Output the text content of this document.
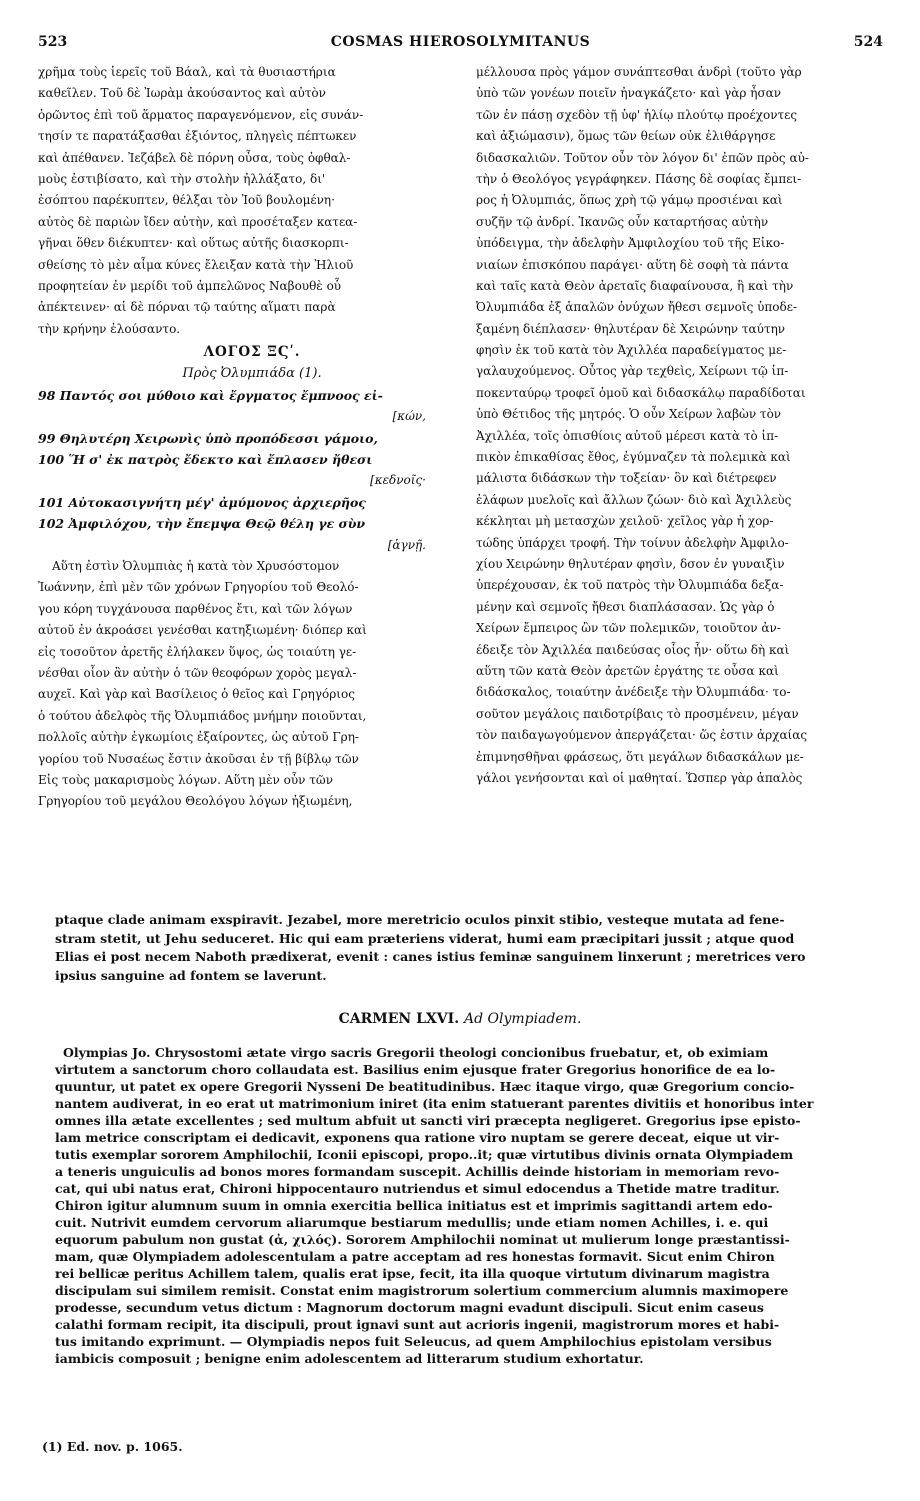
523	COSMAS HIEROSOLYMITANUS	524
χρῆμα τοὺς ἱερεῖς τοῦ Βάαλ, καὶ τὰ θυσιαστήρια
καθεῖλεν. Τοῦ δὲ Ἰωρὰμ ἀκούσαντος καὶ αὐτὸν
ὁρῶντος ἐπὶ τοῦ ἅρματος παραγενόμενον, εἰς συνάν-
τησίν τε παρατάξασθαι ἐξιόντος, πληγεὶς πέπτωκεν
καὶ ἀπέθανεν. Ἰεζάβελ δὲ πόρνη οὖσα, τοὺς ὀφθαλ-
μοὺς ἐστιβίσατο, καὶ τὴν στολὴν ἠλλάξατο, δι'
ἐσόπτου παρέκυπτεν, θέλξαι τὸν Ἰοῦ βουλομένη·
αὐτὸς δὲ παριὼν ἴδεν αὐτὴν, καὶ προσέταξεν κατεα-
γῆναι ὅθεν διέκυπτεν· καὶ οὕτως αὐτῆς διασκορπι-
σθείσης τὸ μὲν αἷμα κύνες ἔλειξαν κατὰ τὴν Ἠλιοῦ
προφητείαν ἐν μερίδι τοῦ ἀμπελῶνος Ναβουθὲ οὗ
ἀπέκτεινεν· αἱ δὲ πόρναι τῷ ταύτης αἵματι παρὰ
τὴν κρήνην ἐλούσαντο.
ΛΟΓΟΣ ΞϚʹ.
Πρὸς Ὀλυμπιάδα (1).
98 Παντός σοι μύθοιο καὶ ἔργματος ἔμπνοος εἰ-
[κών,
99 Θηλυτέρη Χειρωνὶς ὑπὸ προπόδεσσι γάμοιο,
100 Ἥ σ' ἐκ πατρὸς ἔδεκτο καὶ ἔπλασεν ἤθεσι
[κεδνοῖς·
101 Αὐτοκασιγνήτη μέγ' ἀμύμονος ἀρχιερῆος
102 Ἀμφιλόχου, τὴν ἔπεμψα Θεῷ θέλη γε σὺν
[ἁγνῇ.
Αὕτη ἐστὶν Ὀλυμπιὰς ἡ κατὰ τὸν Χρυσόστομον
Ἰωάννην, ἐπὶ μὲν τῶν χρόνων Γρηγορίου τοῦ Θεολό-
γου κόρη τυγχάνουσα παρθένος ἔτι, καὶ τῶν λόγων
αὐτοῦ ἐν ἀκροάσει γενέσθαι κατηξιωμένη· διόπερ καὶ
εἰς τοσοῦτον ἀρετῆς ἐλήλακεν ὕψος, ὡς τοιαύτη γε-
νέσθαι οἷον ἂν αὐτὴν ὁ τῶν θεοφόρων χορὸς μεγαλ-
αυχεῖ. Καὶ γὰρ καὶ Βασίλειος ὁ θεῖος καὶ Γρηγόριος
ὁ τούτου ἀδελφὸς τῆς Ὀλυμπιάδος μνήμην ποιοῦνται,
πολλοῖς αὐτὴν ἐγκωμίοις ἐξαίροντες, ὡς αὐτοῦ Γρη-
γορίου τοῦ Νυσαέως ἔστιν ἀκοῦσαι ἐν τῇ βίβλῳ τῶν
Εἰς τοὺς μακαρισμοὺς λόγων. Αὕτη μὲν οὖν τῶν
Γρηγορίου τοῦ μεγάλου Θεολόγου λόγων ἠξιωμένη,
μέλλουσα πρὸς γάμον συνάπτεσθαι ἀνδρὶ (τοῦτο γὰρ
ὑπὸ τῶν γονέων ποιεῖν ἠναγκάζετο· καὶ γὰρ ἦσαν
τῶν ἐν πάσῃ σχεδὸν τῇ ὑφ' ἡλίῳ πλούτῳ προέχοντες
καὶ ἀξιώμασιν), ὅμως τῶν θείων οὐκ ἐλιθάργησε
διδασκαλιῶν. Τοῦτον οὖν τὸν λόγον δι' ἐπῶν πρὸς αὐ-
τὴν ὁ Θεολόγος γεγράφηκεν. Πάσης δὲ σοφίας ἔμπει-
ρος ἡ Ὀλυμπιάς, ὅπως χρὴ τῷ γάμῳ προσιέναι καὶ
συζῆν τῷ ἀνδρί. Ἱκανῶς οὖν καταρτήσας αὐτὴν
ὑπόδειγμα, τὴν ἀδελφὴν Ἀμφιλοχίου τοῦ τῆς Εἰκο-
νιαίων ἐπισκόπου παράγει· αὕτη δὲ σοφὴ τὰ πάντα
καὶ ταῖς κατὰ Θεὸν ἀρεταῖς διαφαίνουσα, ἣ καὶ τὴν
Ὀλυμπιάδα ἐξ ἁπαλῶν ὀνύχων ἤθεσι σεμνοῖς ὑποδε-
ξαμένη διέπλασεν· θηλυτέραν δὲ Χειρώνην ταύτην
φησὶν ἐκ τοῦ κατὰ τὸν Ἀχιλλέα παραδείγματος με-
γαλαυχούμενος. Οὗτος γὰρ τεχθεὶς, Χείρωνι τῷ ἱπ-
ποκενταύρῳ τροφεῖ ὁμοῦ καὶ διδασκάλῳ παραδίδοται
ὑπὸ Θέτιδος τῆς μητρός. Ὁ οὖν Χείρων λαβὼν τὸν
Ἀχιλλέα, τοῖς ὀπισθίοις αὐτοῦ μέρεσι κατὰ τὸ ἱπ-
πικὸν ἐπικαθίσας ἔθος, ἐγύμναζεν τὰ πολεμικὰ καὶ
μάλιστα διδάσκων τὴν τοξείαν· ὃν καὶ διέτρεφεν
ἐλάφων μυελοῖς καὶ ἄλλων ζώων· διὸ καὶ Ἀχιλλεὺς
κέκληται μὴ μετασχὼν χειλοῦ· χεῖλος γὰρ ἡ χορ-
τώδης ὑπάρχει τροφή. Τὴν τοίνυν ἀδελφὴν Ἀμφιλο-
χίου Χειρώνην θηλυτέραν φησὶν, δσον ἐν γυναιξὶν
ὑπερέχουσαν, ἐκ τοῦ πατρὸς τὴν Ὀλυμπιάδα δεξα-
μένην καὶ σεμνοῖς ἤθεσι διαπλάσασαν. Ὡς γὰρ ὁ
Χείρων ἔμπειρος ὢν τῶν πολεμικῶν, τοιοῦτον ἀν-
έδειξε τὸν Ἀχιλλέα παιδεύσας οἷος ἦν· οὕτω δὴ καὶ
αὕτη τῶν κατὰ Θεὸν ἀρετῶν ἐργάτης τε οὖσα καὶ
διδάσκαλος, τοιαύτην ἀνέδειξε τὴν Ὀλυμπιάδα· το-
σοῦτον μεγάλοις παιδοτρίβαις τὸ προσμένειν, μέγαν
τὸν παιδαγωγούμενον ἀπεργάζεται· ὥς ἐστιν ἀρχαίας
ἐπιμνησθῆναι φράσεως, ὅτι μεγάλων διδασκάλων με-
γάλοι γενήσονται καὶ οἱ μαθηταί. Ὥσπερ γὰρ ἁπαλὸς
ptaque clade animam exspiravit. Jezabel, more meretricio oculos pinxit stibio, vesteque mutata ad fene-
stram stetit, ut Jehu seduceret. Hic qui eam præteriens viderat, humi eam præcipitari jussit ; atque quod
Elias ei post necem Naboth prædixerat, evenit : canes istius feminæ sanguinem linxerunt ; meretrices vero
ipsius sanguine ad fontem se laverunt.
CARMEN LXVI. Ad Olympiadem.
Olympias Jo. Chrysostomi ætate virgo sacris Gregorii theologi concionibus fruebatur, et, ob eximiam
virtutem a sanctorum choro collaudata est. Basilius enim ejusque frater Gregorius honorifice de ea lo-
quuntur, ut patet ex opere Gregorii Nysseni De beatitudinibus. Hæc itaque virgo, quæ Gregorium concio-
nantem audiverat, in eo erat ut matrimonium iniret (ita enim statuerant parentes divitiis et honoribus inter
omnes illa ætate excellentes ; sed multum abfuit ut sancti viri præcepta negligeret. Gregorius ipse episto-
lam metrice conscriptam ei dedicavit, exponens qua ratione viro nuptam se gerere deceat, eique ut vir-
tutis exemplar sororem Amphilochii, Iconii episcopi, propo..it; quæ virtutibus divinis ornata Olympiadem
a teneris unguiculis ad bonos mores formandam suscepit. Achillis deinde historiam in memoriam revo-
cat, qui ubi natus erat, Chironi hippocentauro nutriendus et simul edocendus a Thetide matre traditur.
Chiron igitur alumnum suum in omnia exercitia bellica initiatus est et imprimis sagittandi artem edo-
cuit. Nutrivit eumdem cervorum aliarumque bestiarum medullis; unde etiam nomen Achilles, i. e. qui
equorum pabulum non gustat (ἀ, χιλός). Sororem Amphilochii nominat ut mulierum longe præstantissi-
mam, quæ Olympiadem adolescentulam a patre acceptam ad res honestas formavit. Sicut enim Chiron
rei bellicæ peritus Achillem talem, qualis erat ipse, fecit, ita illa quoque virtutum divinarum magistra
discipulam sui similem remisit. Constat enim magistrorum solertium commercium alumnis maximopere
prodesse, secundum vetus dictum : Magnorum doctorum magni evadunt discipuli. Sicut enim caseus
calathi formam recipit, ita discipuli, prout ignavi sunt aut acrioris ingenii, magistrorum mores et habi-
tus imitando exprimunt. — Olympiadis nepos fuit Seleucus, ad quem Amphilochius epistolam versibus
iambicis composuit ; benigne enim adolescentem ad litterarum studium exhortatur.
(1) Ed. nov. p. 1065.
